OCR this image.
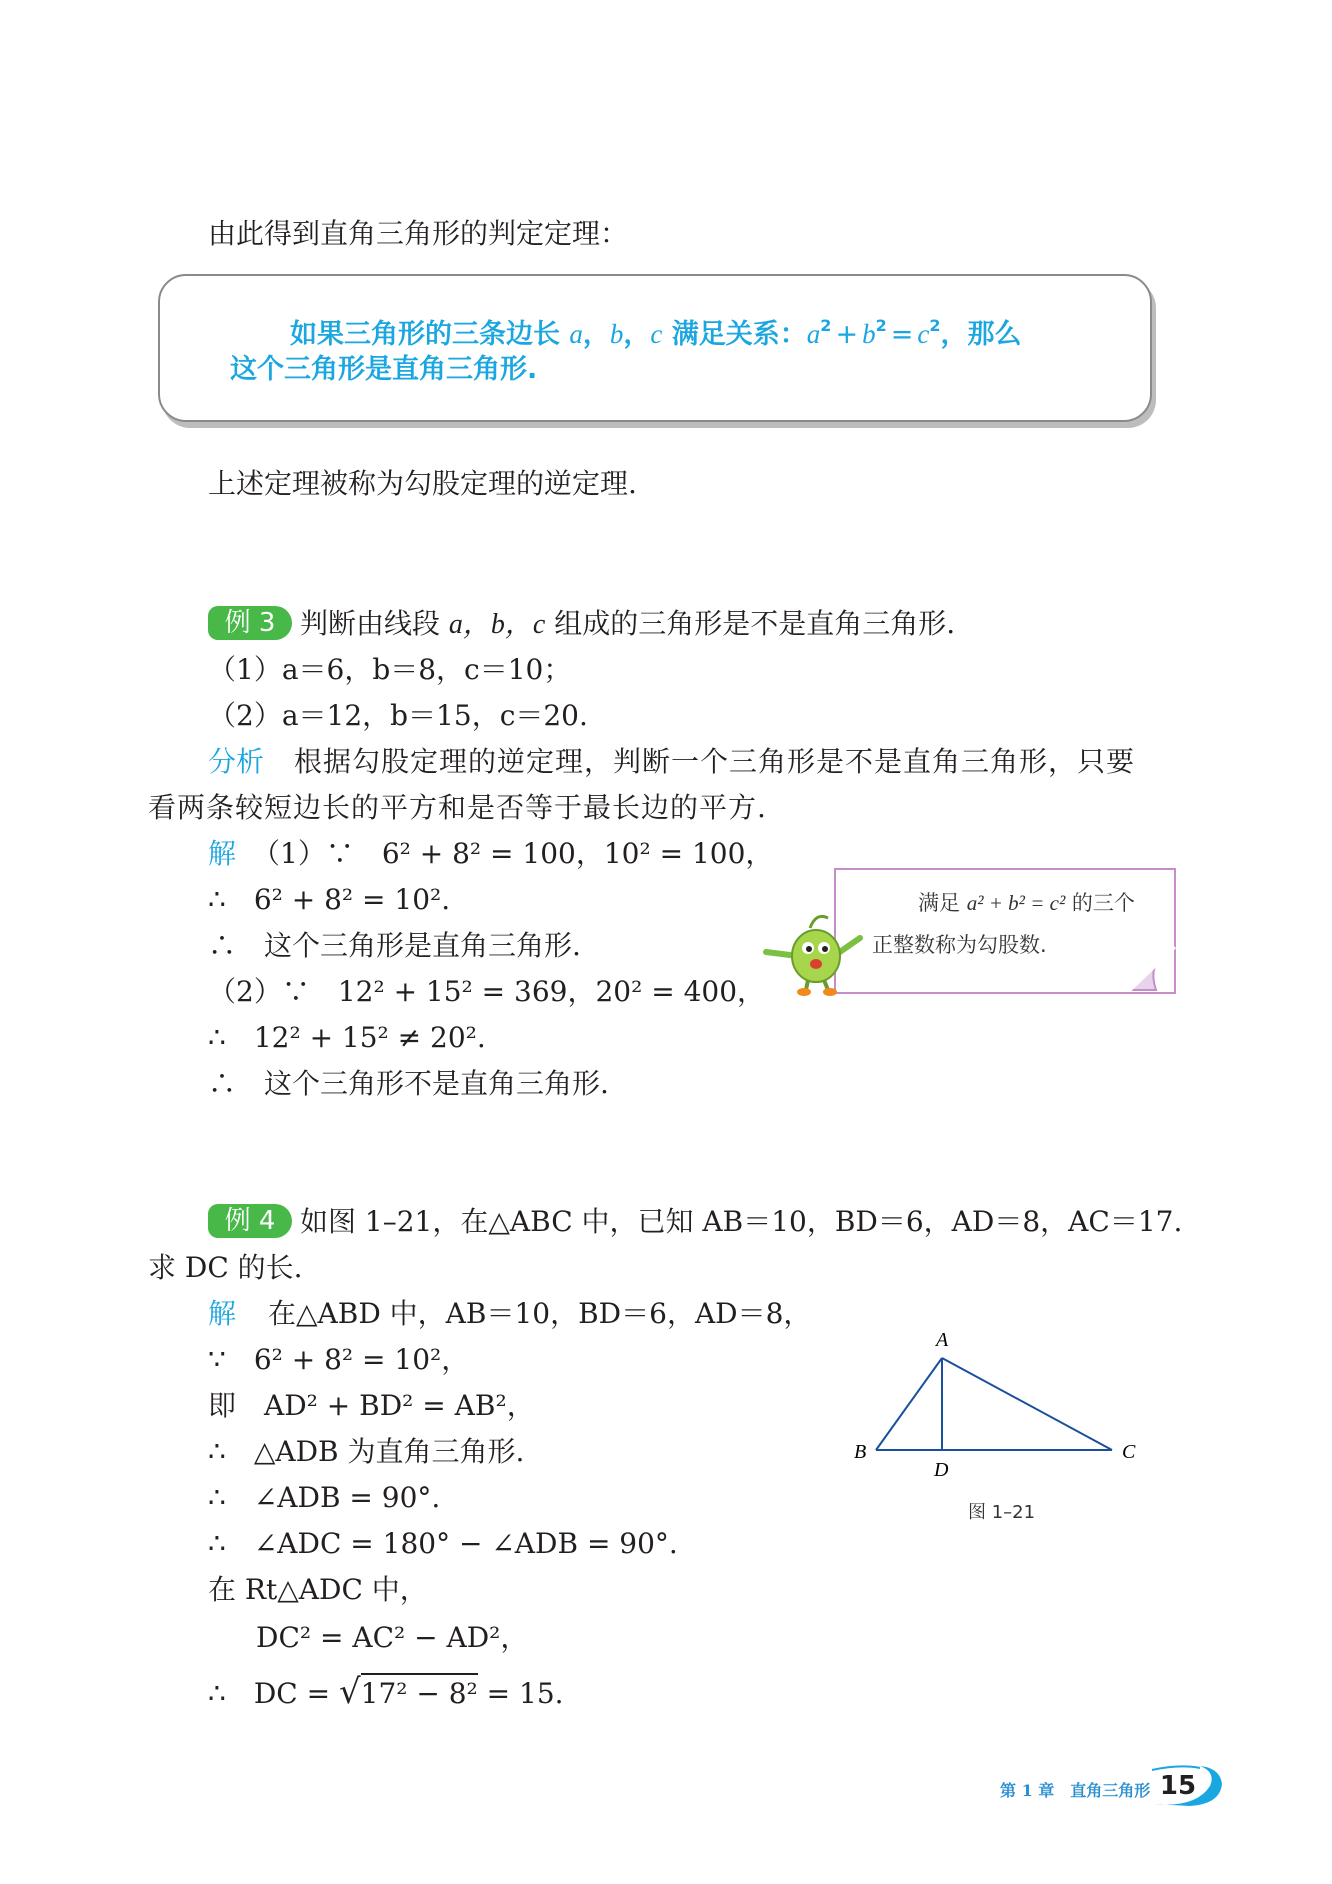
由此得到直角三角形的判定定理：
如果三角形的三条边长 a，b，c 满足关系：$a^2 + b^2 = c^2$，那么
这个三角形是直角三角形.
上述定理被称为勾股定理的逆定理.
例 3 判断由线段 a，b，c 组成的三角形是不是直角三角形.
（1）a＝6，b＝8，c＝10；
（2）a＝12，b＝15，c＝20.
分析 根据勾股定理的逆定理，判断一个三角形是不是直角三角形，只要
看两条较短边长的平方和是否等于最长边的平方.
解 （1）∵　6² + 8² = 100，10² = 100，
∴　6² + 8² = 10².
∴　这个三角形是直角三角形.
（2）∵　12² + 15² = 369，20² = 400，
∴　12² + 15² ≠ 20².
∴　这个三角形不是直角三角形.
满足 a² + b² = c² 的三个
正整数称为勾股数.
例 4 如图 1–21，在△ABC 中，已知 AB＝10，BD＝6，AD＝8，AC＝17.
求 DC 的长.
解 在△ABD 中，AB＝10，BD＝6，AD＝8，
∵　6² + 8² = 10²，
即　AD² + BD² = AB²，
∴　△ADB 为直角三角形.
∴　∠ADB = 90°.
∴　∠ADC = 180° − ∠ADB = 90°.
在 Rt△ADC 中，
DC² = AC² − AD²，
∴　DC = √17² − 8² = 15.
A
B	C
D
图 1–21
第 1 章　直角三角形 15
